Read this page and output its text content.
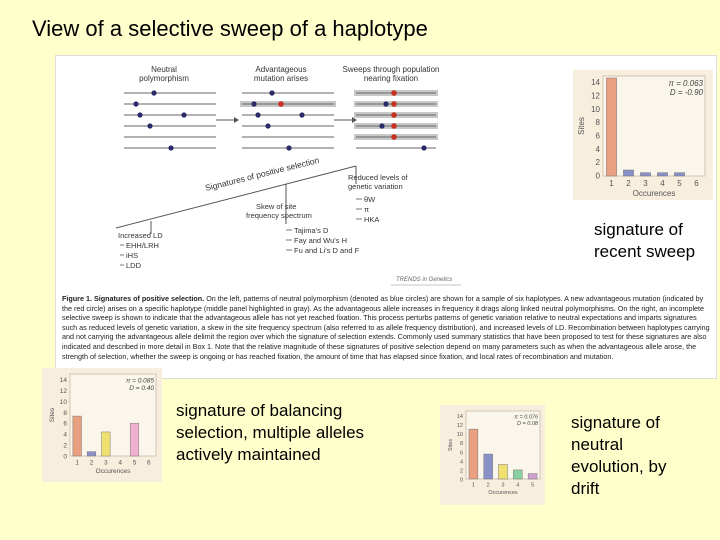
View of a selective sweep of a haplotype
Neutral polymorphism
Advantageous mutation arises
Sweeps through population nearing fixation
Signatures of positive selection	Reduced levels of genetic variation
θW
π
HKA
Skew of site frequency spectrum
Tajima's D
Fay and Wu's H
Fu and Li's D and F
Increased LD
EHH/LRH
iHS
LDD
TRENDS in Genetics
Figure 1. Signatures of positive selection. On the left, patterns of neutral polymorphism (denoted as blue circles) are shown for a sample of six haplotypes. A new advantageous mutation (indicated by the red circle) arises on a specific haplotype (middle panel highlighted in gray). As the advantageous allele increases in frequency it drags along linked neutral polymorphisms. On the right, an incomplete selective sweep is shown to indicate that the advantageous allele has not yet reached fixation. This process perturbs patterns of genetic variation relative to neutral expectations and imparts signatures such as reduced levels of genetic variation, a skew in the site frequency spectrum (also referred to as allele frequency distribution), and increased levels of LD. Recombination between haplotypes carrying and not carrying the advantageous allele delimit the region over which the signature of selection extends. Commonly used summary statistics that have been proposed to test for these signatures are also indicated and described in more detail in Box 1. Note that the relative magnitude of these signatures of positive selection depend on many parameters such as when the advantageous allele arose, the strength of selection, whether the sweep is ongoing or has reached fixation, the amount of time that has elapsed since fixation, and local rates of recombination and mutation.
0
2
4
6
8
10
12
14
1 2 3 4 5 6
Occurences
Sites
π = 0.063
D = -0.90
0
2
4
6
8
10
12
14
1 2 3 4 5 6
Occurences
Sites
π = 0.085
D = 0.40
0
2
4
6
8
10
12
14
1 2 3 4 5
Occurences
Sites
π = 0.076
D = 0.08
signature of recent sweep
signature of balancing selection, multiple alleles actively maintained
signature of neutral evolution, by drift
